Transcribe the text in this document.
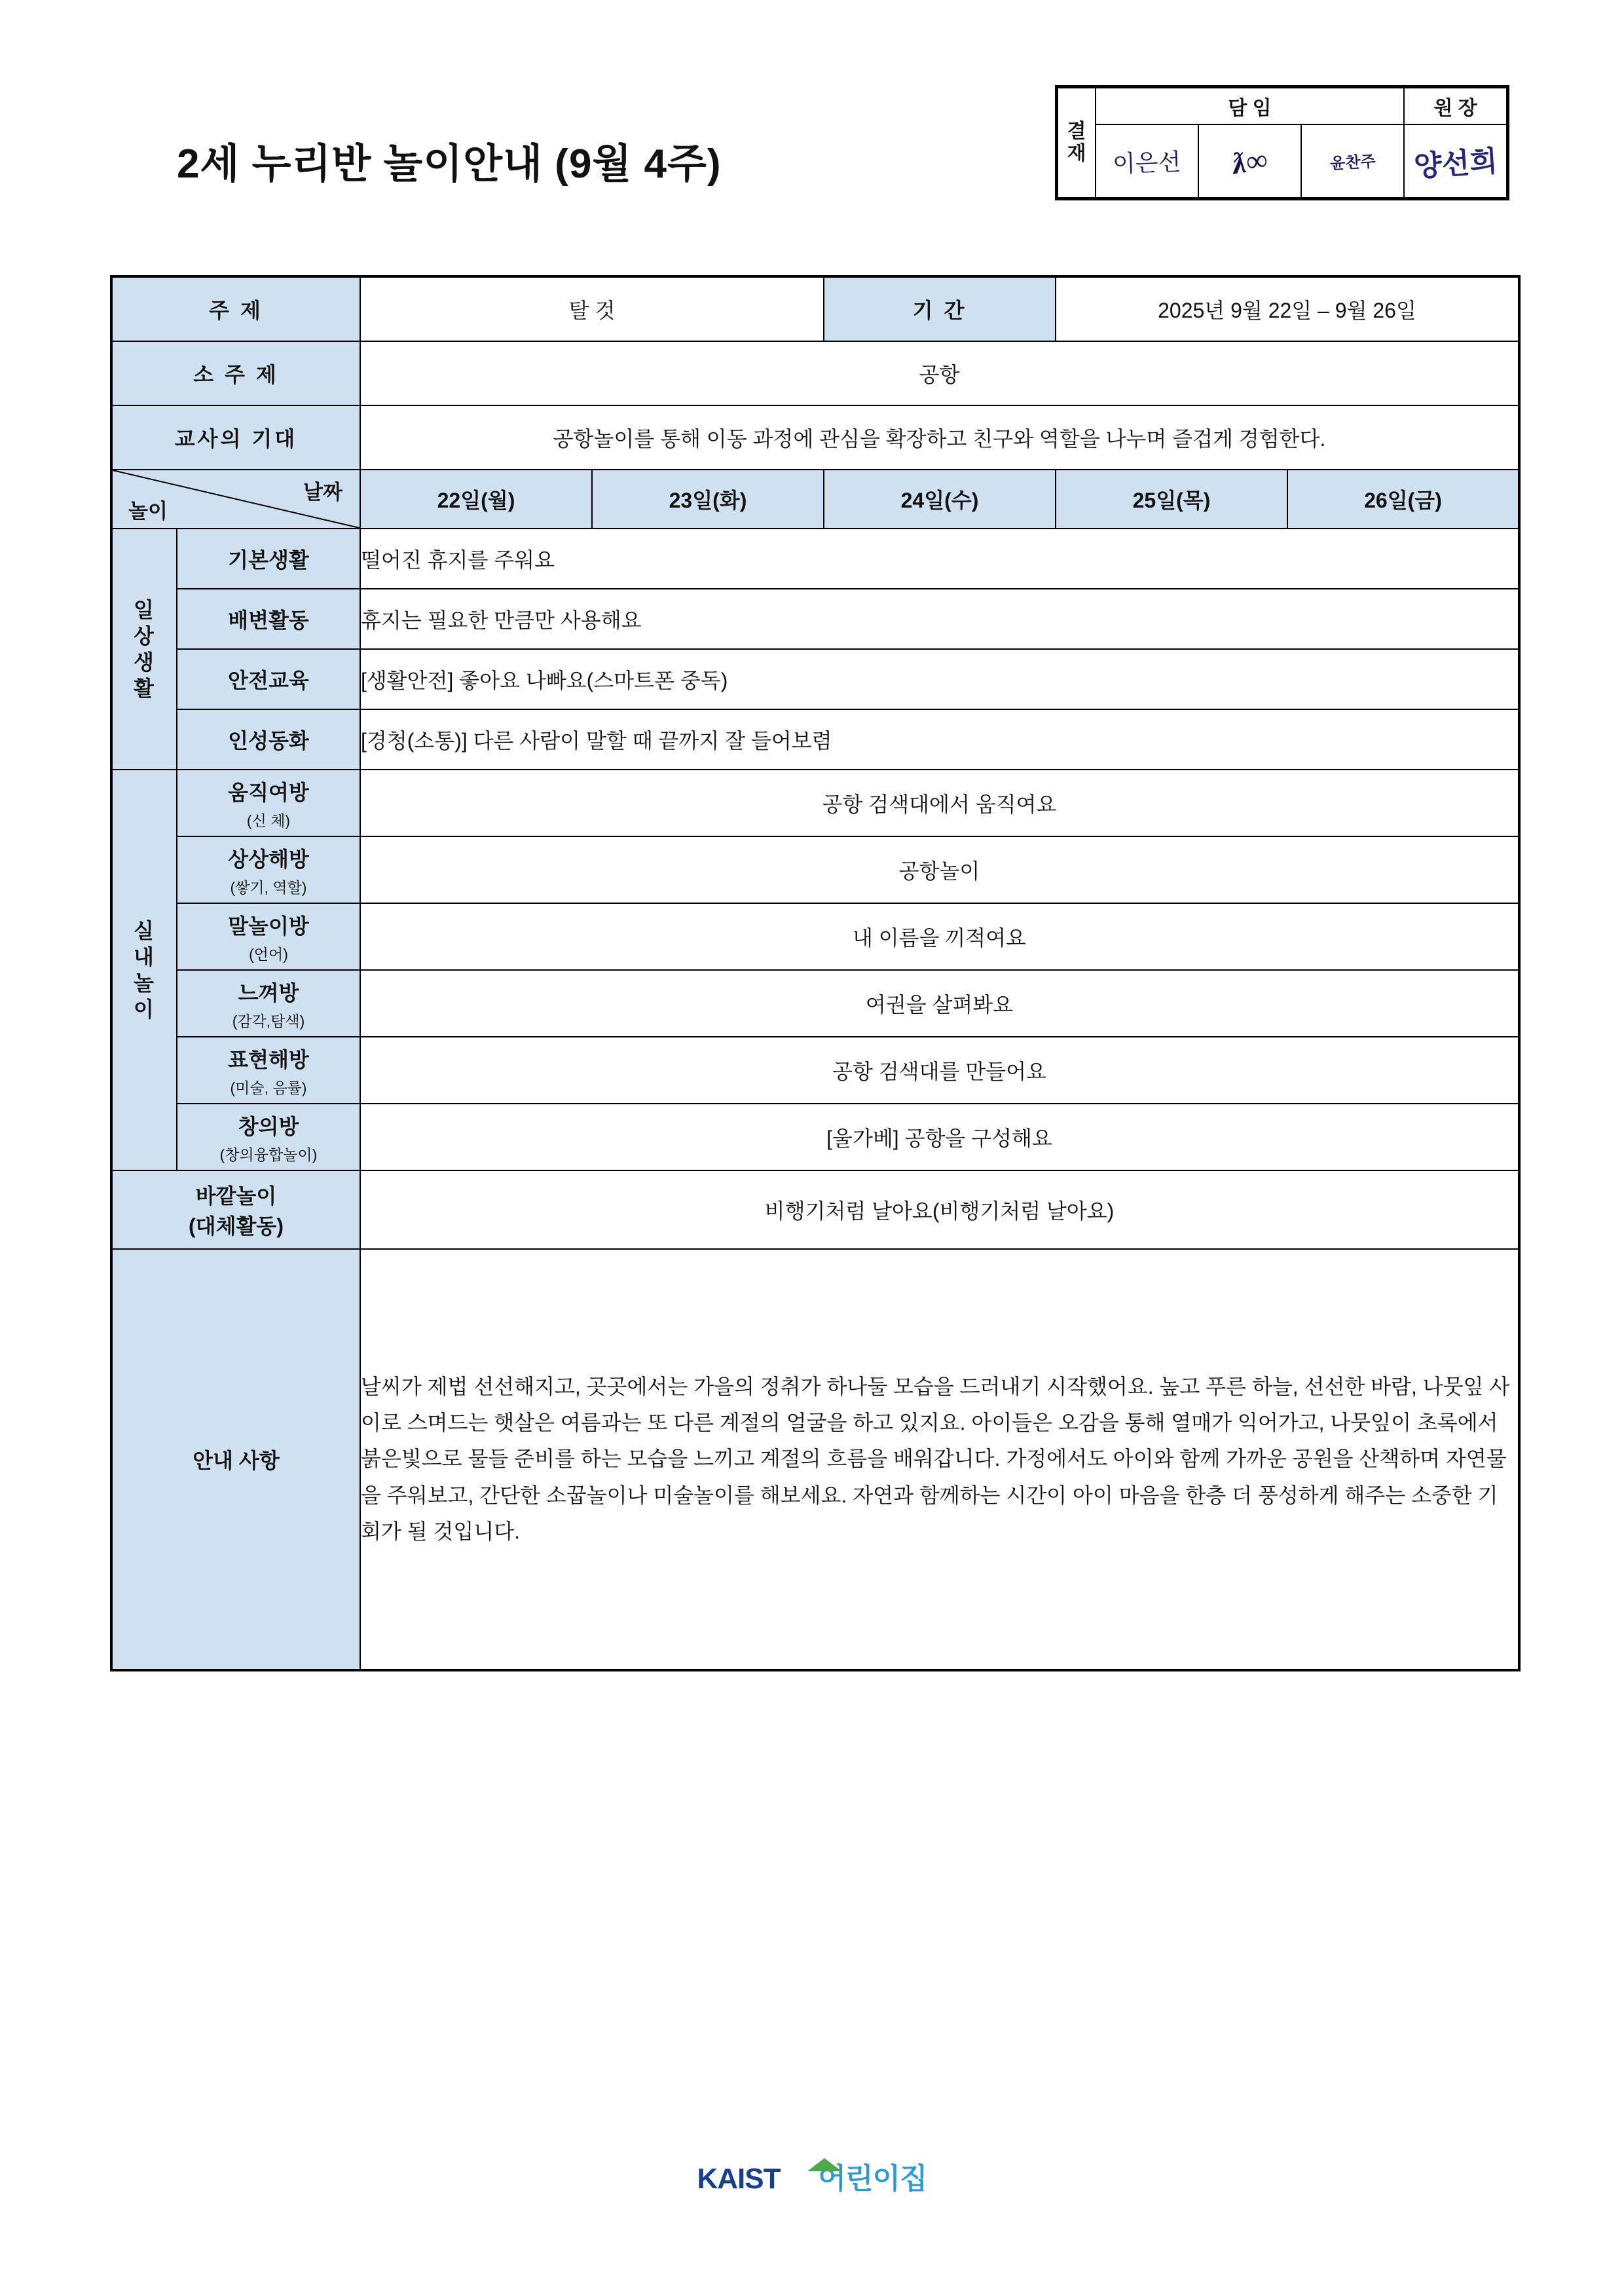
2세 누리반 놀이안내 (9월 4주)
결
재	담 임			원 장
	이은선	ƛ∞	윤찬주	양선희
주 제		탈 것		기 간	2025년 9월 22일 – 9월 26일	
소 주 제		공항				
교사의 기대		공항놀이를 통해 이동 과정에 관심을 확장하고 친구와 역할을 나누며 즐겁게 경험한다.				

날짜
놀이		22일(월)	23일(화)	24일(수)	25일(목)	26일(금)

일
상
생
활	기본생활	떨어진 휴지를 주워요				
	배변활동	휴지는 필요한 만큼만 사용해요				
	안전교육	[생활안전] 좋아요 나빠요(스마트폰 중독)				
	인성동화	[경청(소통)] 다른 사람이 말할 때 끝까지 잘 들어보렴				

실
내
놀
이	움직여방
(신 체)	공항 검색대에서 움직여요				
	상상해방
(쌓기, 역할)	공항놀이				
	말놀이방
(언어)	내 이름을 끼적여요				
	느껴방
(감각,탐색)	여권을 살펴봐요				
	표현해방
(미술, 음률)	공항 검색대를 만들어요				
	창의방
(창의융합놀이)	[울가베] 공항을 구성해요				
바깥놀이
(대체활동)		비행기처럼 날아요(비행기처럼 날아요)				
안내 사항		날씨가 제법 선선해지고, 곳곳에서는 가을의 정취가 하나둘 모습을 드러내기 시작했어요. 높고 푸른 하늘, 선선한 바람, 나뭇잎 사이로 스며드는 햇살은 여름과는 또 다른 계절의 얼굴을 하고 있지요. 아이들은 오감을 통해 열매가 익어가고, 나뭇잎이 초록에서 붉은빛으로 물들 준비를 하는 모습을 느끼고 계절의 흐름을 배워갑니다. 가정에서도 아이와 함께 가까운 공원을 산책하며 자연물을 주워보고, 간단한 소꿉놀이나 미술놀이를 해보세요. 자연과 함께하는 시간이 아이 마음을 한층 더 풍성하게 해주는 소중한 기회가 될 것입니다.				

KAIST 어린이집
